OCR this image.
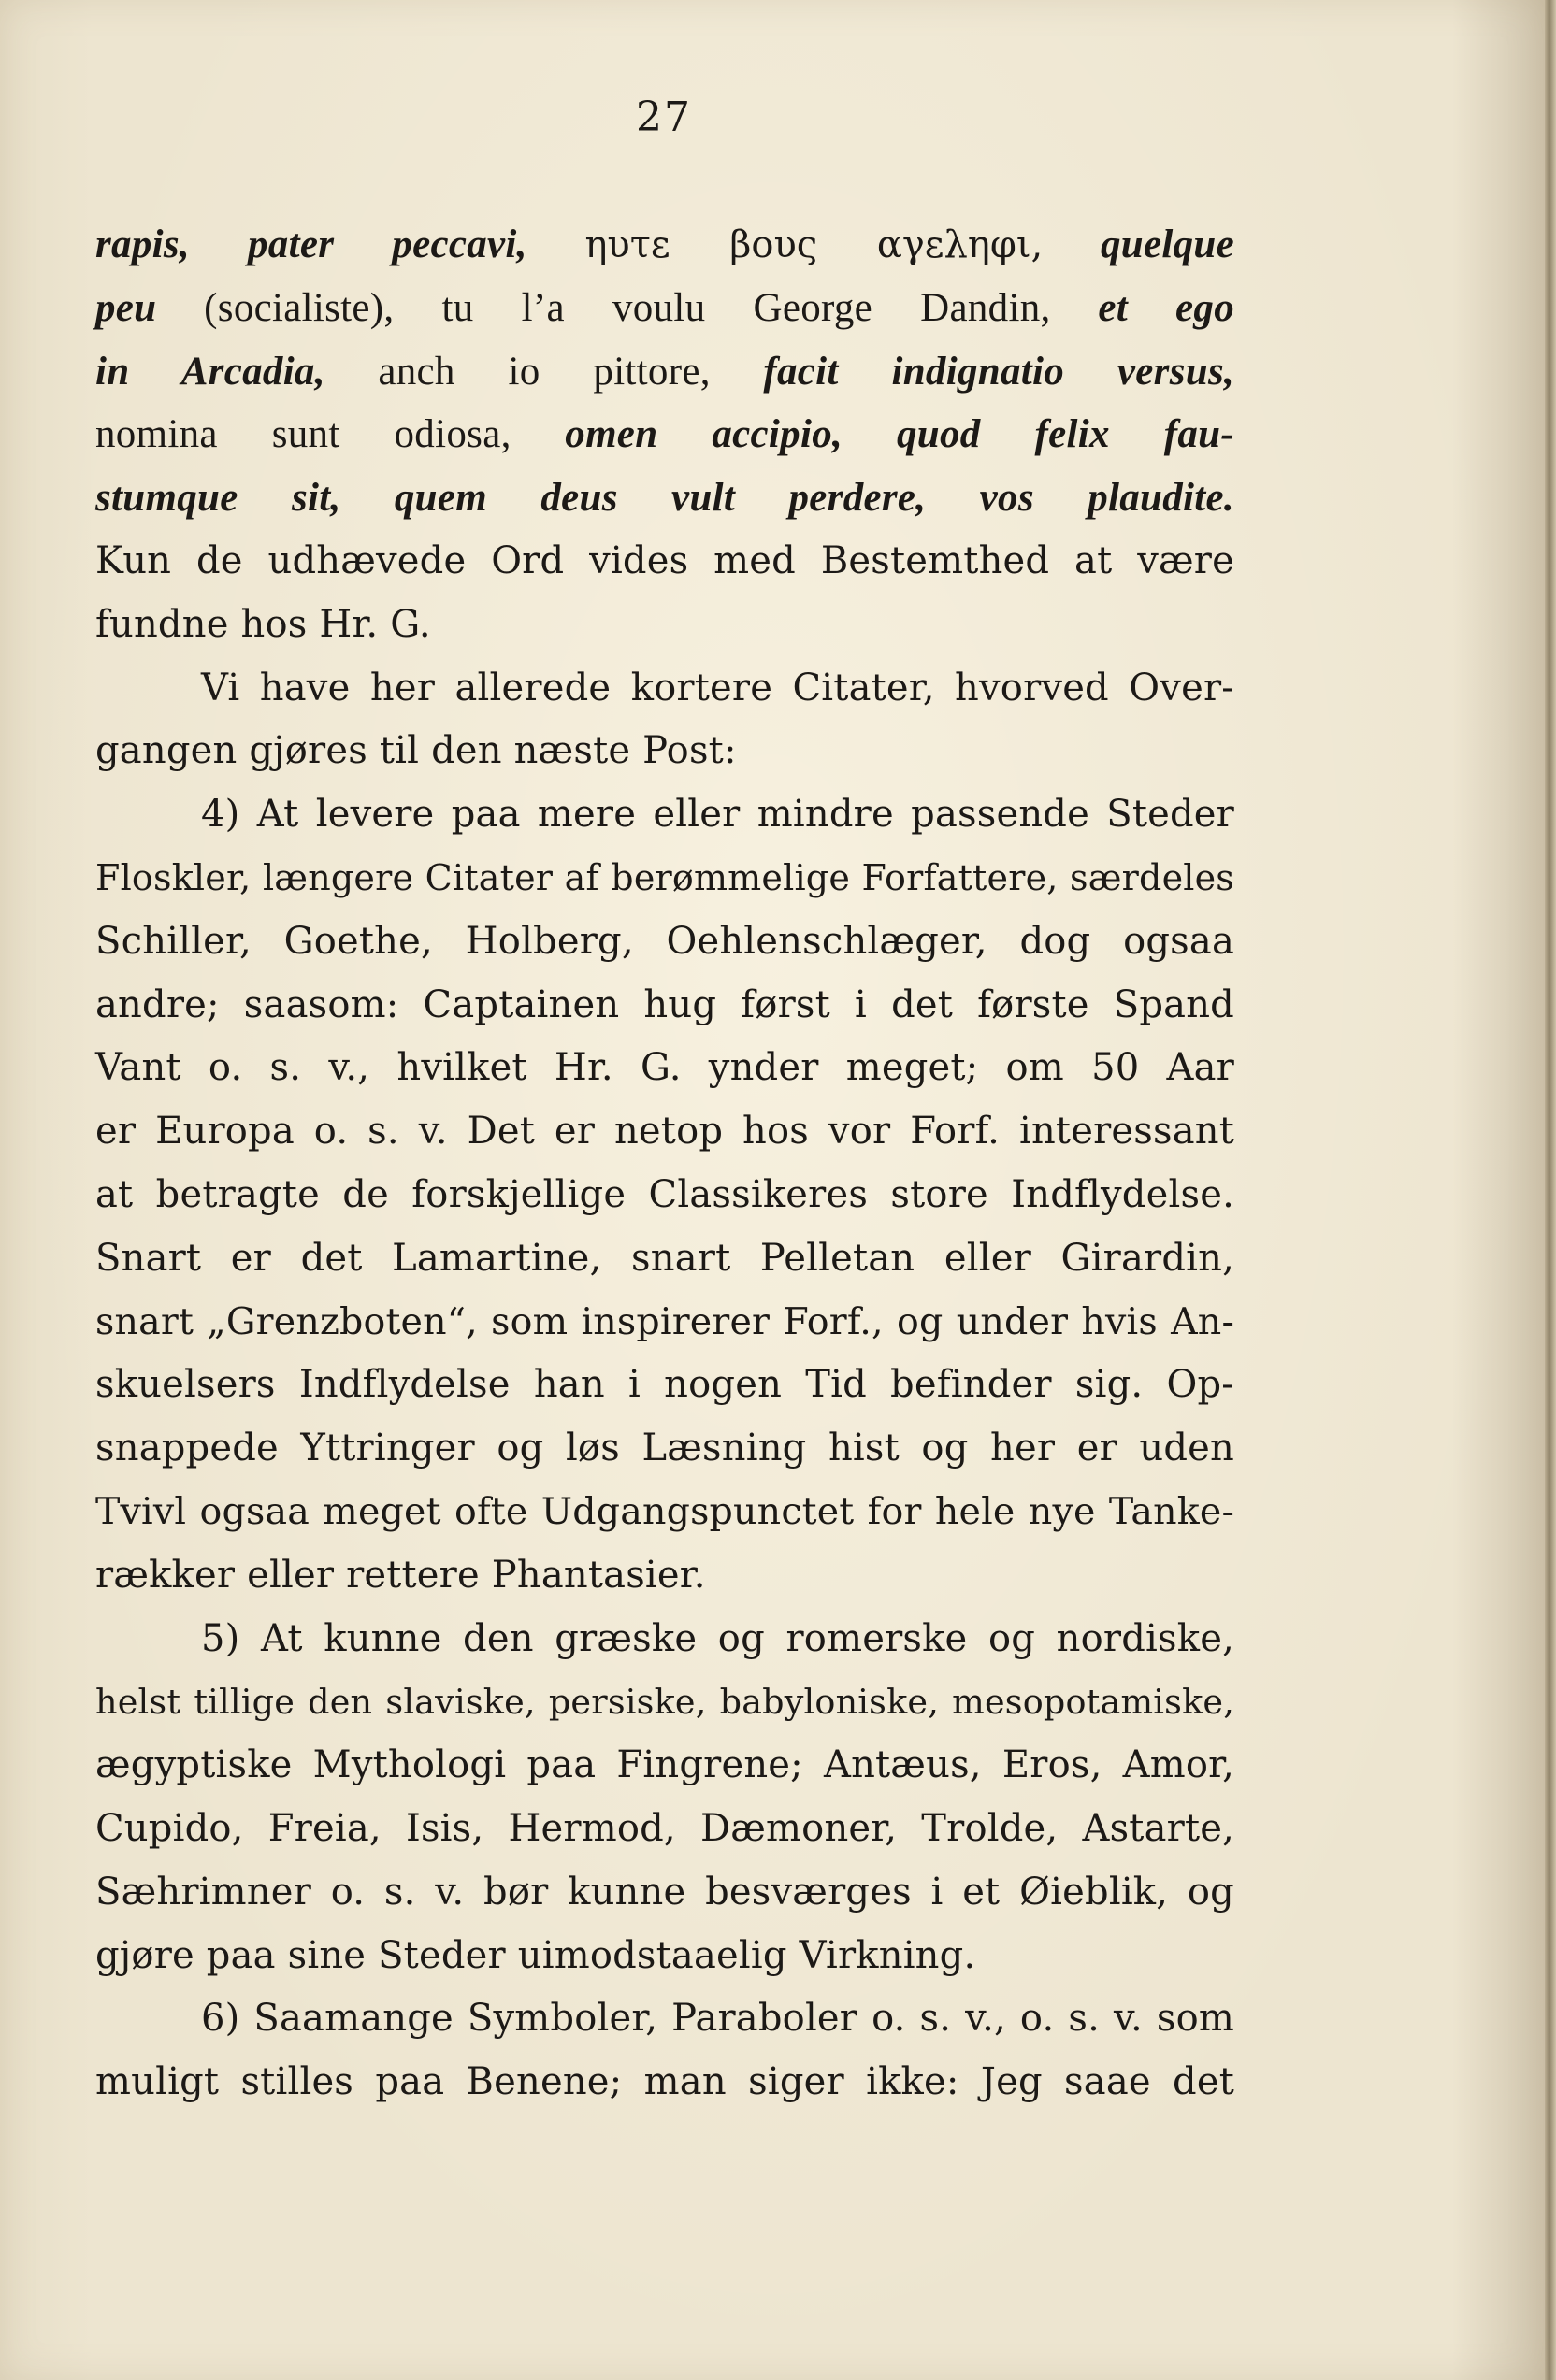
27
rapis, pater peccavi, ηυτε βους αγεληφι, quelque
peu (socialiste), tu l’a voulu George Dandin, et ego
in Arcadia, anch io pittore, facit indignatio versus,
nomina sunt odiosa, omen accipio, quod felix fau-
stumque sit, quem deus vult perdere, vos plaudite.
Kun de udhævede Ord vides med Bestemthed at være
fundne hos Hr. G.
Vi have her allerede kortere Citater, hvorved Over-
gangen gjøres til den næste Post:
4) At levere paa mere eller mindre passende Steder
Floskler, længere Citater af berømmelige Forfattere, særdeles
Schiller, Goethe, Holberg, Oehlenschlæger, dog ogsaa
andre; saasom: Captainen hug først i det første Spand
Vant o. s. v., hvilket Hr. G. ynder meget; om 50 Aar
er Europa o. s. v. Det er netop hos vor Forf. interessant
at betragte de forskjellige Classikeres store Indflydelse.
Snart er det Lamartine, snart Pelletan eller Girardin,
snart „Grenzboten“, som inspirerer Forf., og under hvis An-
skuelsers Indflydelse han i nogen Tid befinder sig. Op-
snappede Yttringer og løs Læsning hist og her er uden
Tvivl ogsaa meget ofte Udgangspunctet for hele nye Tanke-
rækker eller rettere Phantasier.
5) At kunne den græske og romerske og nordiske,
helst tillige den slaviske, persiske, babyloniske, mesopotamiske,
ægyptiske Mythologi paa Fingrene; Antæus, Eros, Amor,
Cupido, Freia, Isis, Hermod, Dæmoner, Trolde, Astarte,
Sæhrimner o. s. v. bør kunne besværges i et Øieblik, og
gjøre paa sine Steder uimodstaaelig Virkning.
6) Saamange Symboler, Paraboler o. s. v., o. s. v. som
muligt stilles paa Benene; man siger ikke: Jeg saae det
